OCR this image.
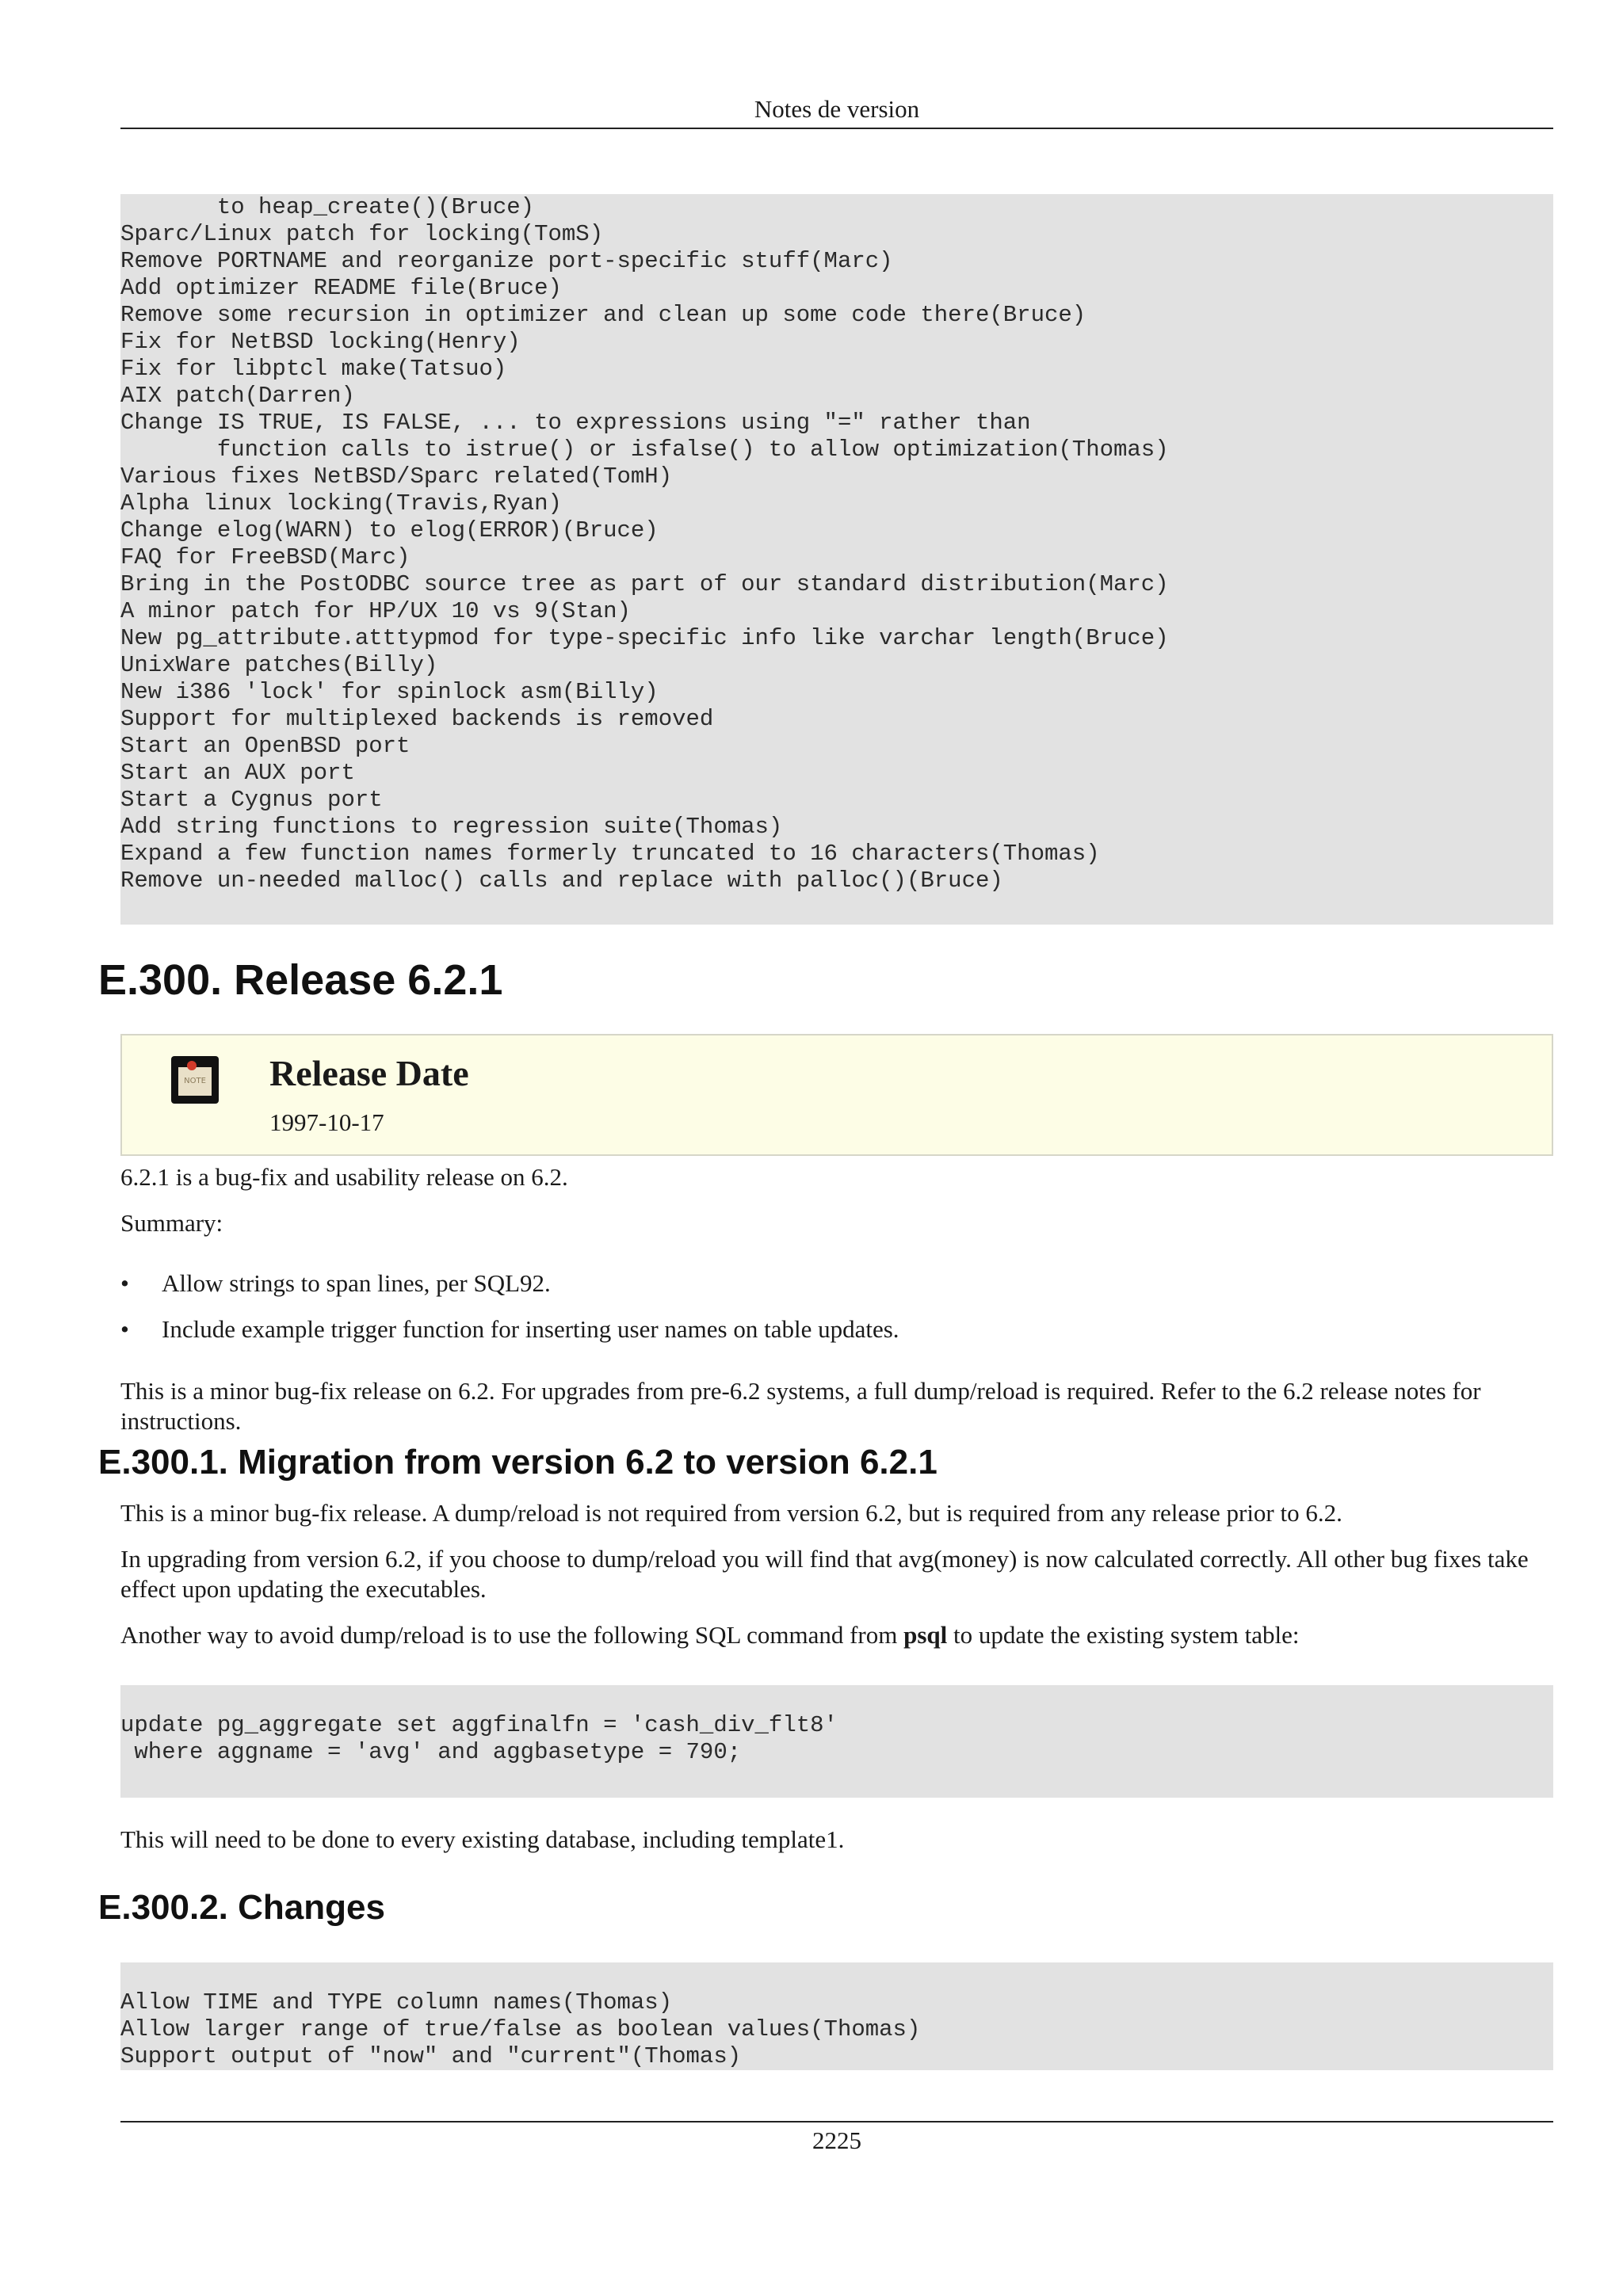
Notes de version
to heap_create()(Bruce)
Sparc/Linux patch for locking(TomS)
Remove PORTNAME and reorganize port-specific stuff(Marc)
Add optimizer README file(Bruce)
Remove some recursion in optimizer and clean up some code there(Bruce)
Fix for NetBSD locking(Henry)
Fix for libptcl make(Tatsuo)
AIX patch(Darren)
Change IS TRUE, IS FALSE, ... to expressions using "=" rather than
function calls to istrue() or isfalse() to allow optimization(Thomas)
Various fixes NetBSD/Sparc related(TomH)
Alpha linux locking(Travis,Ryan)
Change elog(WARN) to elog(ERROR)(Bruce)
FAQ for FreeBSD(Marc)
Bring in the PostODBC source tree as part of our standard distribution(Marc)
A minor patch for HP/UX 10 vs 9(Stan)
New pg_attribute.atttypmod for type-specific info like varchar length(Bruce)
UnixWare patches(Billy)
New i386 'lock' for spinlock asm(Billy)
Support for multiplexed backends is removed
Start an OpenBSD port
Start an AUX port
Start a Cygnus port
Add string functions to regression suite(Thomas)
Expand a few function names formerly truncated to 16 characters(Thomas)
Remove un-needed malloc() calls and replace with palloc()(Bruce)
E.300. Release 6.2.1
NOTE Release Date
1997-10-17
6.2.1 is a bug-fix and usability release on 6.2.
Summary:
• Allow strings to span lines, per SQL92.
• Include example trigger function for inserting user names on table updates.
This is a minor bug-fix release on 6.2. For upgrades from pre-6.2 systems, a full dump/reload is required. Refer to the 6.2 release notes for instructions.
E.300.1. Migration from version 6.2 to version 6.2.1
This is a minor bug-fix release. A dump/reload is not required from version 6.2, but is required from any release prior to 6.2.
In upgrading from version 6.2, if you choose to dump/reload you will find that avg(money) is now calculated correctly. All other bug fixes take effect upon updating the executables.
Another way to avoid dump/reload is to use the following SQL command from psql to update the existing system table:
update pg_aggregate set aggfinalfn = 'cash_div_flt8'
where aggname = 'avg' and aggbasetype = 790;
This will need to be done to every existing database, including template1.
E.300.2. Changes
Allow TIME and TYPE column names(Thomas)
Allow larger range of true/false as boolean values(Thomas)
Support output of "now" and "current"(Thomas)
2225
